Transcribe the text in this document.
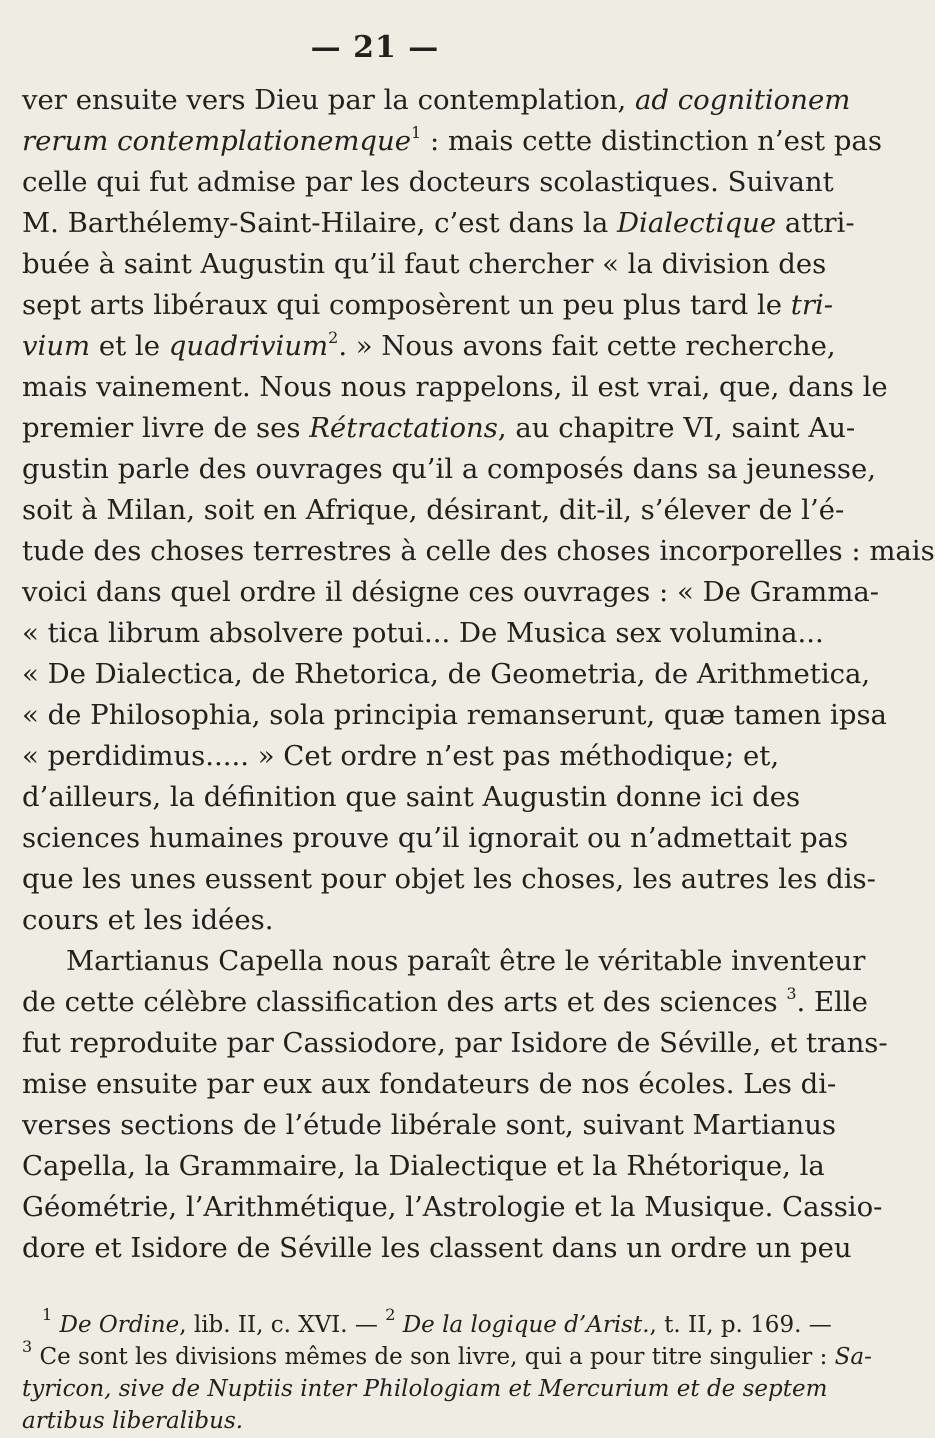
— 21 —
ver ensuite vers Dieu par la contemplation, ad cognitionem
rerum contemplationemque$^1$ : mais cette distinction n’est pas
celle qui fut admise par les docteurs scolastiques. Suivant
M. Barthélemy-Saint-Hilaire, c’est dans la Dialectique attri-
buée à saint Augustin qu’il faut chercher « la division des
sept arts libéraux qui composèrent un peu plus tard le tri-
vium et le quadrivium$^2$. » Nous avons fait cette recherche,
mais vainement. Nous nous rappelons, il est vrai, que, dans le
premier livre de ses Rétractations, au chapitre VI, saint Au-
gustin parle des ouvrages qu’il a composés dans sa jeunesse,
soit à Milan, soit en Afrique, désirant, dit-il, s’élever de l’é-
tude des choses terrestres à celle des choses incorporelles : mais
voici dans quel ordre il désigne ces ouvrages : « De Gramma-
« tica librum absolvere potui... De Musica sex volumina...
« De Dialectica, de Rhetorica, de Geometria, de Arithmetica,
« de Philosophia, sola principia remanserunt, quæ tamen ipsa
« perdidimus..... » Cet ordre n’est pas méthodique; et,
d’ailleurs, la définition que saint Augustin donne ici des
sciences humaines prouve qu’il ignorait ou n’admettait pas
que les unes eussent pour objet les choses, les autres les dis-
cours et les idées.
Martianus Capella nous paraît être le véritable inventeur
de cette célèbre classification des arts et des sciences $^3$. Elle
fut reproduite par Cassiodore, par Isidore de Séville, et trans-
mise ensuite par eux aux fondateurs de nos écoles. Les di-
verses sections de l’étude libérale sont, suivant Martianus
Capella, la Grammaire, la Dialectique et la Rhétorique, la
Géométrie, l’Arithmétique, l’Astrologie et la Musique. Cassio-
dore et Isidore de Séville les classent dans un ordre un peu
$^1$ De Ordine, lib. II, c. XVI. — $^2$ De la logique d’Arist., t. II, p. 169. —
$^3$ Ce sont les divisions mêmes de son livre, qui a pour titre singulier : Sa-
tyricon, sive de Nuptiis inter Philologiam et Mercurium et de septem
artibus liberalibus.
